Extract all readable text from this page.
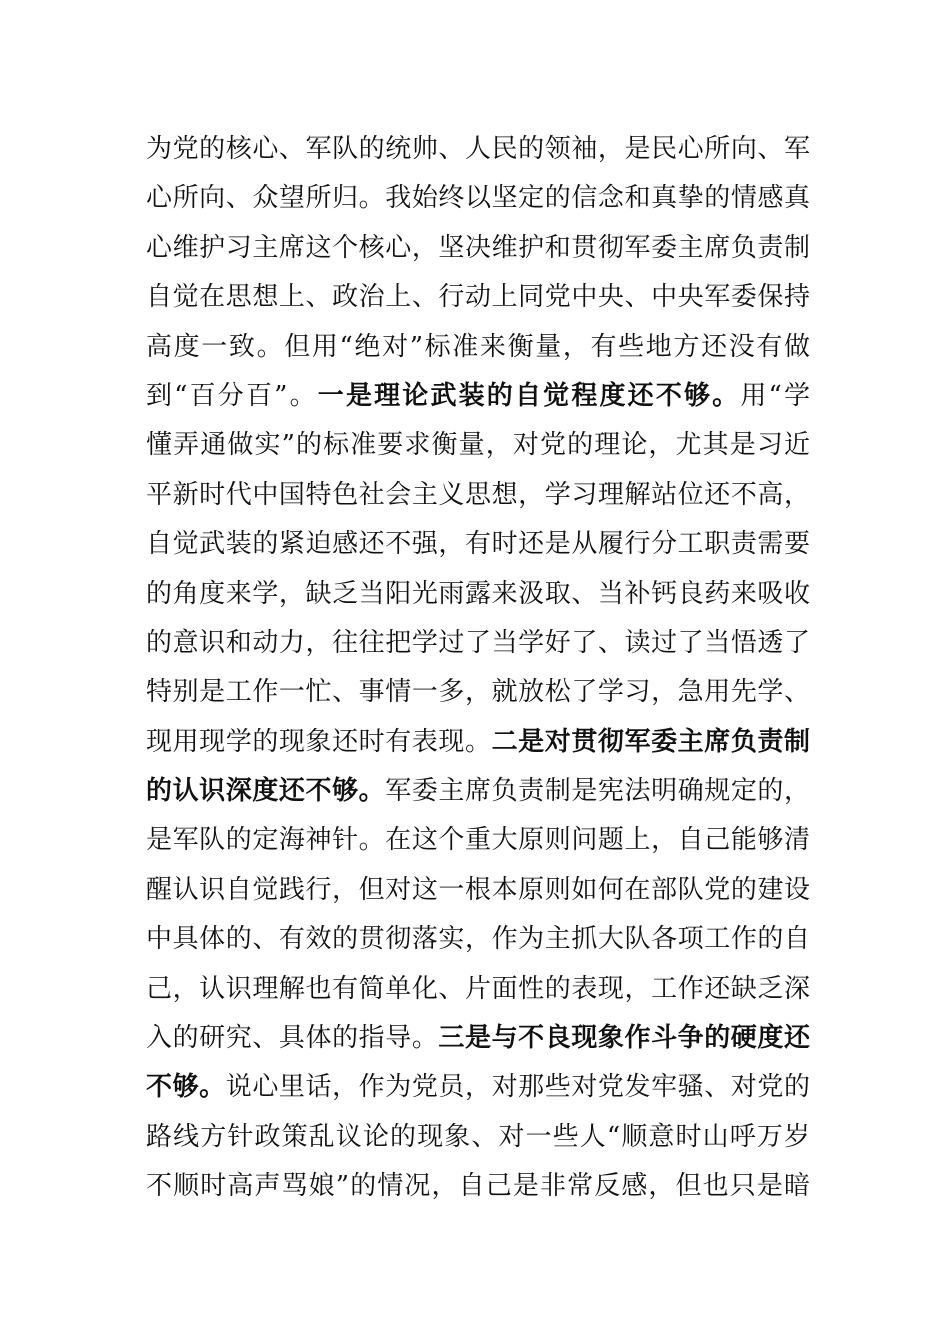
为党的核心、军队的统帅、人民的领袖，是民心所向、军
心所向、众望所归。我始终以坚定的信念和真挚的情感真
心维护习主席这个核心，坚决维护和贯彻军委主席负责制
自觉在思想上、政治上、行动上同党中央、中央军委保持
高度一致。但用“绝对”标准来衡量，有些地方还没有做
到“百分百”。一是理论武装的自觉程度还不够。用“学
懂弄通做实”的标准要求衡量，对党的理论，尤其是习近
平新时代中国特色社会主义思想，学习理解站位还不高，
自觉武装的紧迫感还不强，有时还是从履行分工职责需要
的角度来学，缺乏当阳光雨露来汲取、当补钙良药来吸收
的意识和动力，往往把学过了当学好了、读过了当悟透了
特别是工作一忙、事情一多，就放松了学习，急用先学、
现用现学的现象还时有表现。二是对贯彻军委主席负责制
的认识深度还不够。军委主席负责制是宪法明确规定的，
是军队的定海神针。在这个重大原则问题上，自己能够清
醒认识自觉践行，但对这一根本原则如何在部队党的建设
中具体的、有效的贯彻落实，作为主抓大队各项工作的自
己，认识理解也有简单化、片面性的表现，工作还缺乏深
入的研究、具体的指导。三是与不良现象作斗争的硬度还
不够。说心里话，作为党员，对那些对党发牢骚、对党的
路线方针政策乱议论的现象、对一些人“顺意时山呼万岁
不顺时高声骂娘”的情况，自己是非常反感，但也只是暗
